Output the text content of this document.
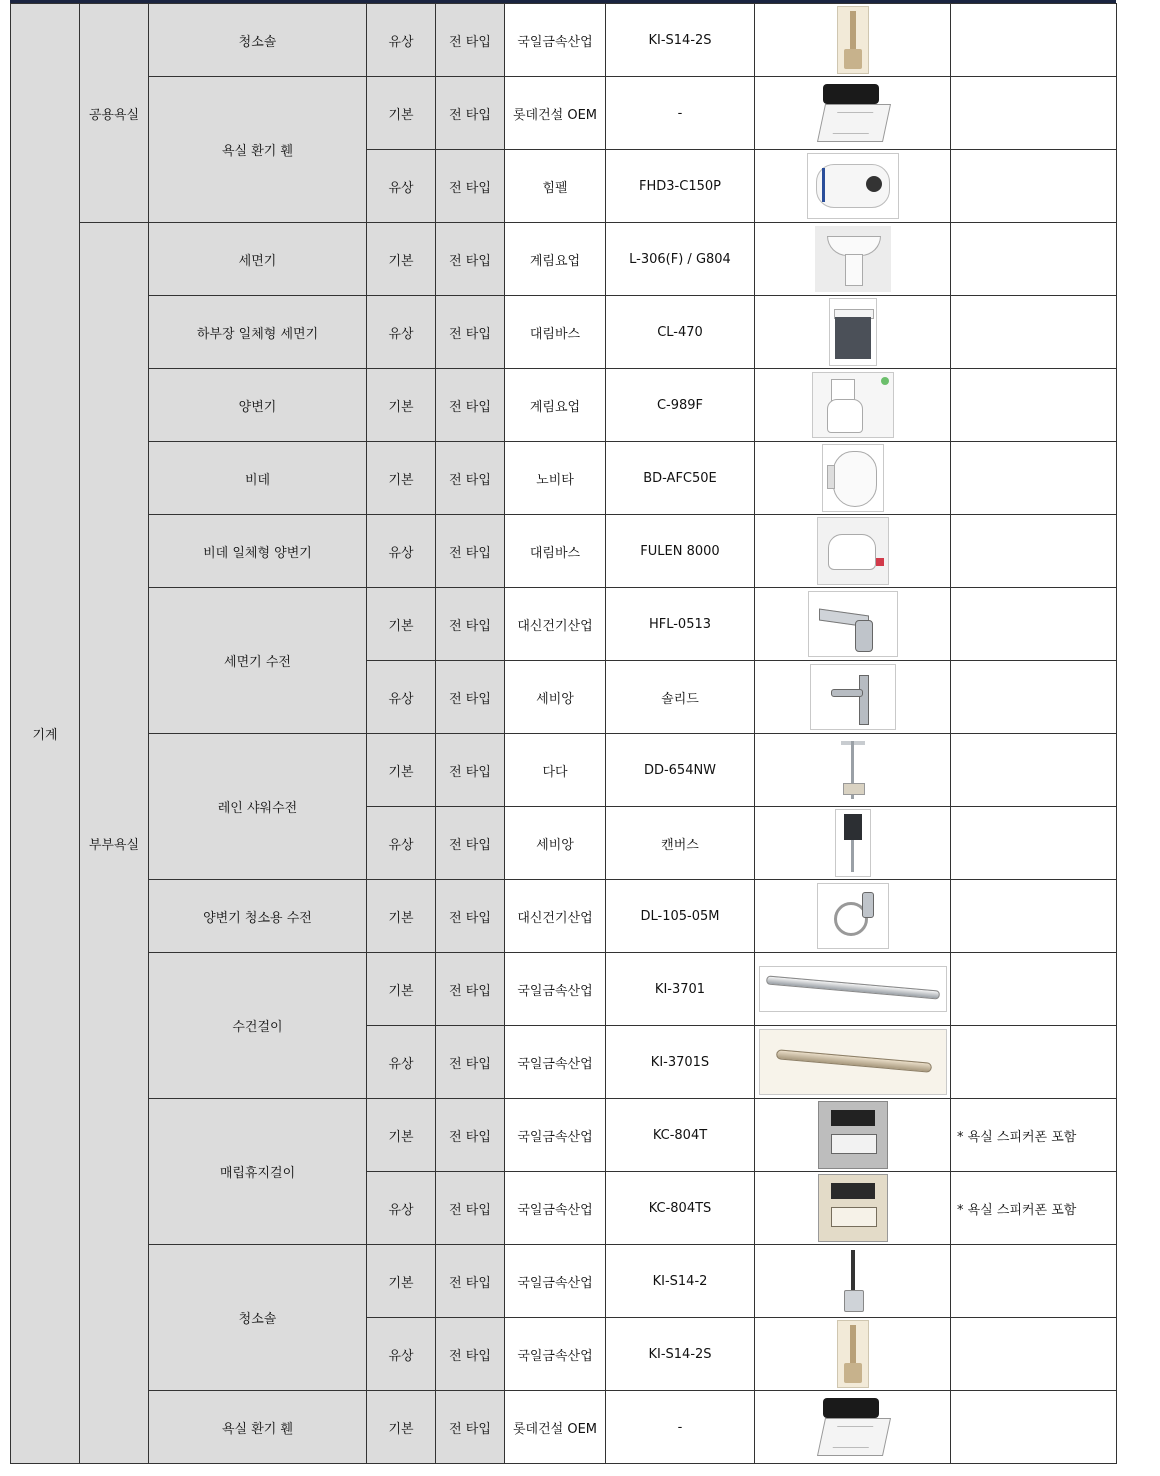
기계	공용욕실	청소솔	유상	전 타입	국일금속산업	KI-S14-2S	

		욕실 환기 휀	기본	전 타입	롯데건설 OEM	-	

			유상	전 타입	힘펠	FHD3-C150P	

	부부욕실	세면기	기본	전 타입	계림요업	L-306(F) / G804	

		하부장 일체형 세면기	유상	전 타입	대림바스	CL-470	

		양변기	기본	전 타입	계림요업	C-989F	

		비데	기본	전 타입	노비타	BD-AFC50E	

		비데 일체형 양변기	유상	전 타입	대림바스	FULEN 8000	

		세면기 수전	기본	전 타입	대신건기산업	HFL-0513	

			유상	전 타입	세비앙	솔리드	

		레인 샤워수전	기본	전 타입	다다	DD-654NW	

			유상	전 타입	세비앙	캔버스	

		양변기 청소용 수전	기본	전 타입	대신건기산업	DL-105-05M	

		수건걸이	기본	전 타입	국일금속산업	KI-3701	

			유상	전 타입	국일금속산업	KI-3701S	

		매립휴지걸이	기본	전 타입	국일금속산업	KC-804T		* 욕실 스피커폰 포함
			유상	전 타입	국일금속산업	KC-804TS		* 욕실 스피커폰 포함
		청소솔	기본	전 타입	국일금속산업	KI-S14-2	

			유상	전 타입	국일금속산업	KI-S14-2S	

		욕실 환기 휀	기본	전 타입	롯데건설 OEM	-	
